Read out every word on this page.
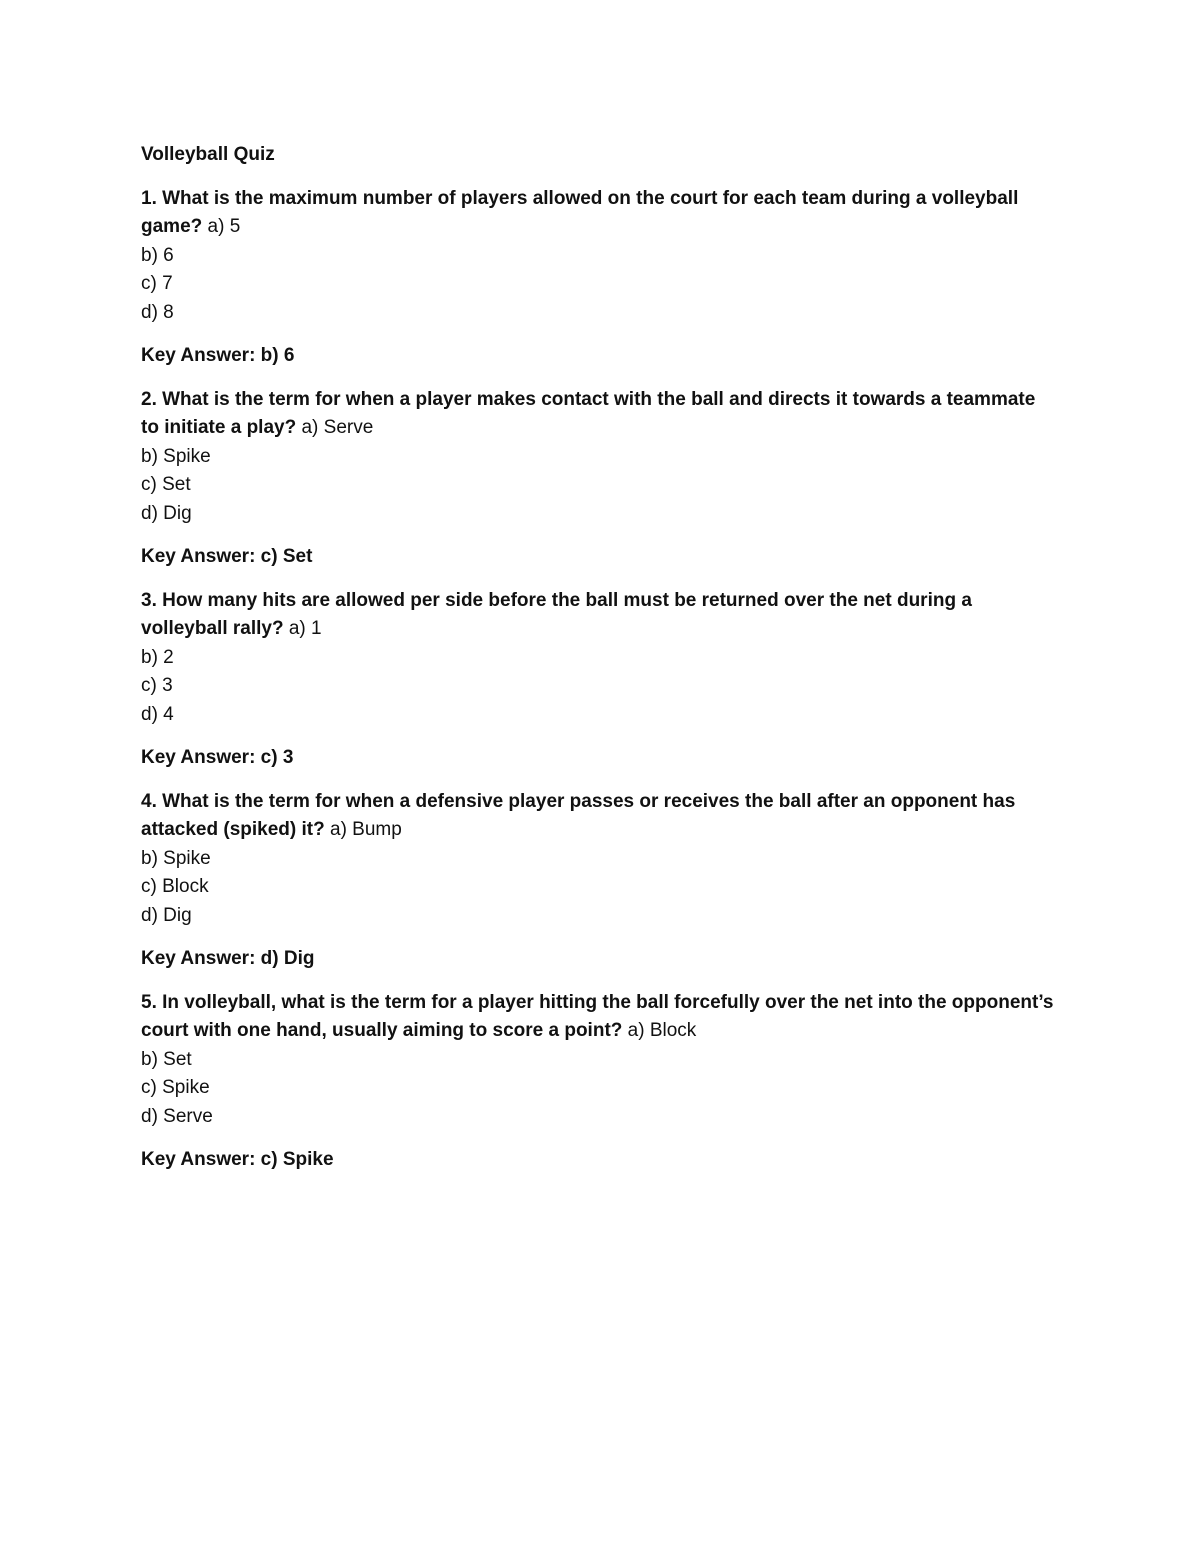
Volleyball Quiz
1. What is the maximum number of players allowed on the court for each team during a volleyball game? a) 5
b) 6
c) 7
d) 8
Key Answer: b) 6
2. What is the term for when a player makes contact with the ball and directs it towards a teammate to initiate a play? a) Serve
b) Spike
c) Set
d) Dig
Key Answer: c) Set
3. How many hits are allowed per side before the ball must be returned over the net during a volleyball rally? a) 1
b) 2
c) 3
d) 4
Key Answer: c) 3
4. What is the term for when a defensive player passes or receives the ball after an opponent has attacked (spiked) it? a) Bump
b) Spike
c) Block
d) Dig
Key Answer: d) Dig
5. In volleyball, what is the term for a player hitting the ball forcefully over the net into the opponent’s court with one hand, usually aiming to score a point? a) Block
b) Set
c) Spike
d) Serve
Key Answer: c) Spike
